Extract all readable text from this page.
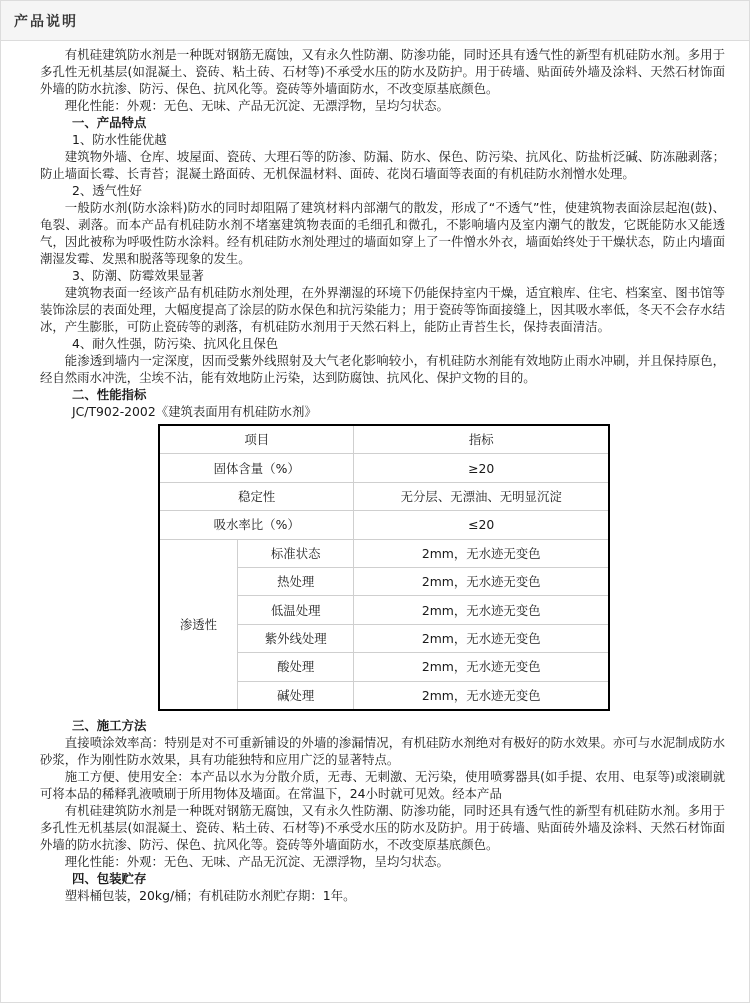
产品说明

有机硅建筑防水剂是一种既对钢筋无腐蚀，又有永久性防潮、防渗功能，同时还具有透气性的新型有机硅防水剂。多用于多孔性无机基层(如混凝土、瓷砖、粘土砖、石材等)不承受水压的防水及防护。用于砖墙、贴面砖外墙及涂料、天然石材饰面外墙的防水抗渗、防污、保色、抗风化等。瓷砖等外墙面防水，不改变原基底颜色。

理化性能：外观：无色、无味、产品无沉淀、无漂浮物，呈均匀状态。

一、产品特点

1、防水性能优越

建筑物外墙、仓库、坡屋面、瓷砖、大理石等的防渗、防漏、防水、保色、防污染、抗风化、防盐析泛碱、防冻融剥落；防止墙面长霉、长青苔；混凝土路面砖、无机保温材料、面砖、花岗石墙面等表面的有机硅防水剂憎水处理。

2、透气性好

一般防水剂(防水涂料)防水的同时却阻隔了建筑材料内部潮气的散发，形成了“不透气”性，使建筑物表面涂层起泡(鼓)、龟裂、剥落。而本产品有机硅防水剂不堵塞建筑物表面的毛细孔和微孔，不影响墙内及室内潮气的散发，它既能防水又能透气，因此被称为呼吸性防水涂料。经有机硅防水剂处理过的墙面如穿上了一件憎水外衣，墙面始终处于干燥状态，防止内墙面潮湿发霉、发黑和脱落等现象的发生。

3、防潮、防霉效果显著

建筑物表面一经该产品有机硅防水剂处理，在外界潮湿的环境下仍能保持室内干燥，适宜粮库、住宅、档案室、图书馆等装饰涂层的表面处理，大幅度提高了涂层的防水保色和抗污染能力；用于瓷砖等饰面接缝上，因其吸水率低，冬天不会存水结冰，产生膨胀，可防止瓷砖等的剥落，有机硅防水剂用于天然石料上，能防止青苔生长，保持表面清洁。

4、耐久性强，防污染、抗风化且保色

能渗透到墙内一定深度，因而受紫外线照射及大气老化影响较小，有机硅防水剂能有效地防止雨水冲刷，并且保持原色，经自然雨水冲洗，尘埃不沾，能有效地防止污染，达到防腐蚀、抗风化、保护文物的目的。

二、性能指标

JC/T902-2002《建筑表面用有机硅防水剂》

项目		指标
固体含量（%）		≥20
稳定性		无分层、无漂油、无明显沉淀
吸水率比（%）		≤20
渗透性	标准状态	2mm，无水迹无变色
	热处理	2mm，无水迹无变色
	低温处理	2mm，无水迹无变色
	紫外线处理	2mm，无水迹无变色
	酸处理	2mm，无水迹无变色
	碱处理	2mm，无水迹无变色

三、施工方法

直接喷涂效率高：特别是对不可重新铺设的外墙的渗漏情况，有机硅防水剂绝对有极好的防水效果。亦可与水泥制成防水砂浆，作为刚性防水效果，具有功能独特和应用广泛的显著特点。

施工方便、使用安全：本产品以水为分散介质，无毒、无刺激、无污染，使用喷雾器具(如手提、农用、电泵等)或滚刷就可将本品的稀释乳液喷刷于所用物体及墙面。在常温下，24小时就可见效。经本产品

有机硅建筑防水剂是一种既对钢筋无腐蚀，又有永久性防潮、防渗功能，同时还具有透气性的新型有机硅防水剂。多用于多孔性无机基层(如混凝土、瓷砖、粘土砖、石材等)不承受水压的防水及防护。用于砖墙、贴面砖外墙及涂料、天然石材饰面外墙的防水抗渗、防污、保色、抗风化等。瓷砖等外墙面防水，不改变原基底颜色。

理化性能：外观：无色、无味、产品无沉淀、无漂浮物，呈均匀状态。

四、包装贮存

塑料桶包装，20kg/桶；有机硅防水剂贮存期：1年。
